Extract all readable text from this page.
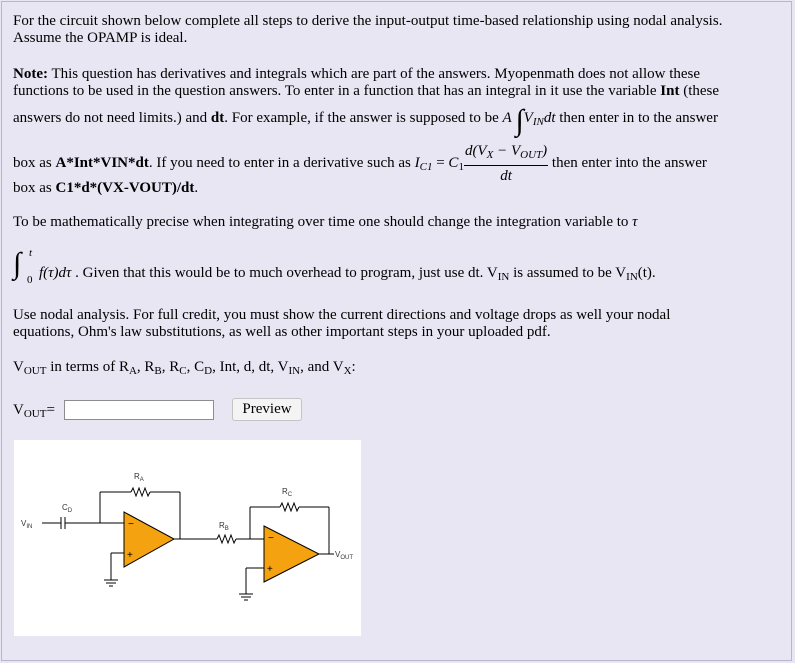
For the circuit shown below complete all steps to derive the input-output time-based relationship using nodal analysis.
Assume the OPAMP is ideal.
Note: This question has derivatives and integrals which are part of the answers. Myopenmath does not allow these
functions to be used in the question answers. To enter in a function that has an integral in it use the variable Int (these
answers do not need limits.) and dt. For example, if the answer is supposed to be A $\int V_{IN}dt$ then enter in to the answer
box as A*Int*VIN*dt. If you need to enter in a derivative such as $I_{C1} = C_1 \frac{d(V_X - V_{OUT})}{dt}$ then enter into the answer
box as C1*d*(VX-VOUT)/dt.
To be mathematically precise when integrating over time one should change the integration variable to τ
∫ t
0 f(τ)dτ . Given that this would be to much overhead to program, just use dt. $V_{IN}$ is assumed to be $V_{IN}(t)$.
Use nodal analysis. For full credit, you must show the current directions and voltage drops as well your nodal
equations, Ohm's law substitutions, as well as other important steps in your uploaded pdf.
$V_{OUT}$ in terms of $R_A$, $R_B$, $R_C$, $C_D$, Int, d, dt, $V_{IN}$, and $V_X$:
$V_{OUT}=$	Preview
−
+
−
+
$R_A$
$R_C$
$C_D$
$R_B$
$V_{IN}$
$V_{OUT}$
